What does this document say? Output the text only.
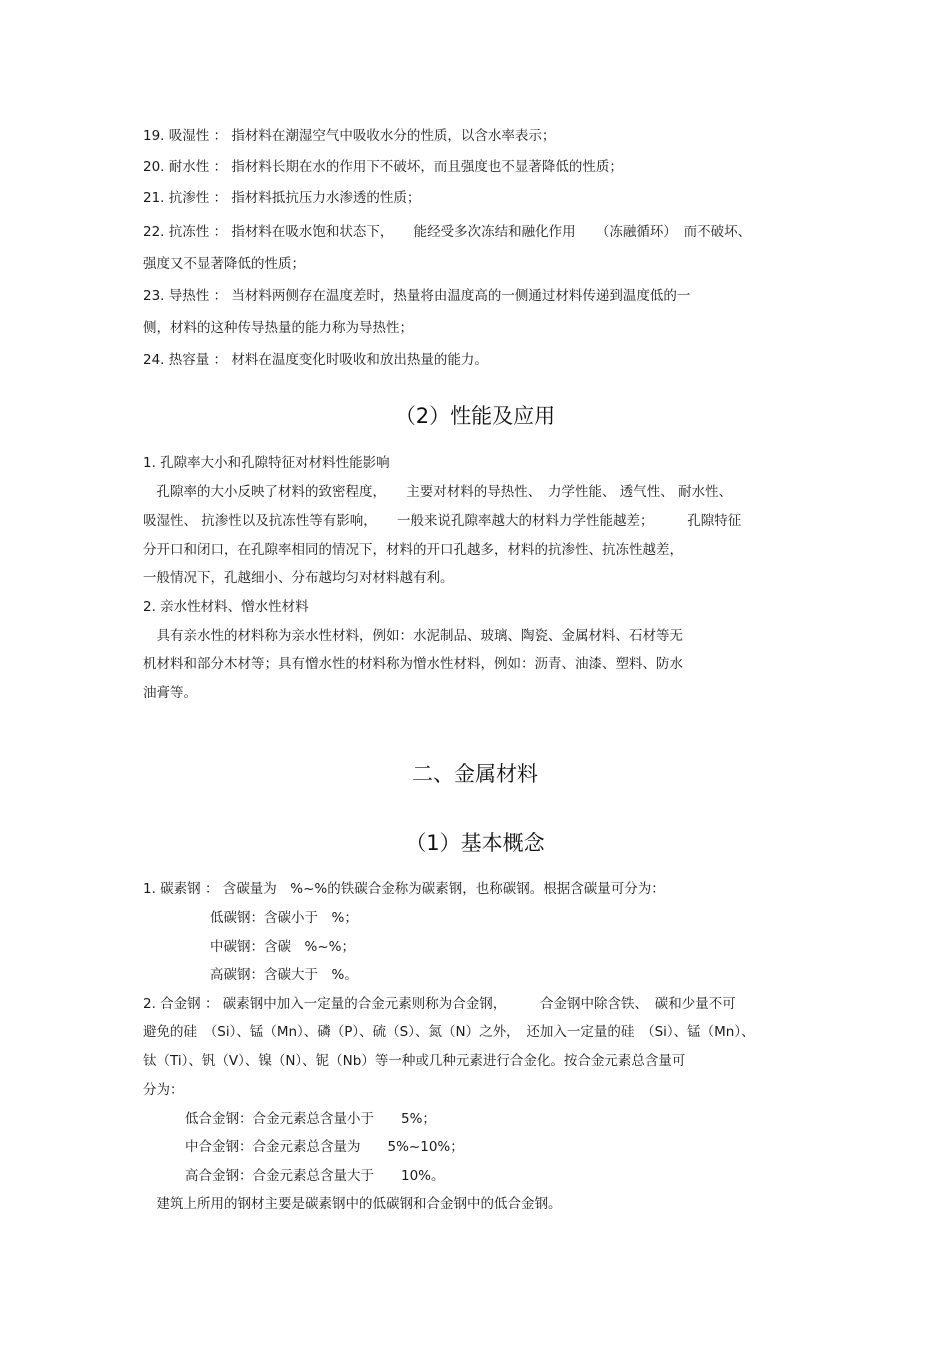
19. 吸湿性 ： 指材料在潮湿空气中吸收水分的性质，以含水率表示；
20. 耐水性 ： 指材料长期在水的作用下不破坏，而且强度也不显著降低的性质；
21. 抗渗性 ： 指材料抵抗压力水渗透的性质；
22. 抗冻性 ： 指材料在吸水饱和状态下，　　能经受多次冻结和融化作用　　（冻融循环）　而不破坏、
强度又不显著降低的性质；
23. 导热性 ： 当材料两侧存在温度差时，热量将由温度高的一侧通过材料传递到温度低的一
侧，材料的这种传导热量的能力称为导热性；
24. 热容量 ： 材料在温度变化时吸收和放出热量的能力。
（2）性能及应用
1. 孔隙率大小和孔隙特征对材料性能影响
　孔隙率的大小反映了材料的致密程度，　　主要对材料的导热性、　力学性能、 透气性、 耐水性、
吸湿性、 抗渗性以及抗冻性等有影响，　　一般来说孔隙率越大的材料力学性能越差；　　　孔隙特征
分开口和闭口，在孔隙率相同的情况下，材料的开口孔越多，材料的抗渗性、抗冻性越差，
一般情况下，孔越细小、分布越均匀对材料越有利。
2. 亲水性材料、憎水性材料
　具有亲水性的材料称为亲水性材料，例如：水泥制品、玻璃、陶瓷、金属材料、石材等无
机材料和部分木材等；具有憎水性的材料称为憎水性材料，例如：沥青、油漆、塑料、防水
油膏等。
二、金属材料
（1）基本概念
1. 碳素钢 ： 含碳量为　%~%的铁碳合金称为碳素钢，也称碳钢。根据含碳量可分为：
低碳钢：含碳小于　%；
中碳钢：含碳　%~%；
高碳钢：含碳大于　%。
2. 合金钢 ： 碳素钢中加入一定量的合金元素则称为合金钢，　　　合金钢中除含铁、　碳和少量不可
避免的硅　（Si）、锰（Mn）、磷（P）、硫（S）、氮（N）之外，　还加入一定量的硅　（Si）、锰（Mn）、
钛（Ti）、钒（V）、镍（N）、铌（Nb）等一种或几种元素进行合金化。按合金元素总含量可
分为：
低合金钢：合金元素总含量小于　　5%；
中合金钢：合金元素总含量为　　5%~10%；
高合金钢：合金元素总含量大于　　10%。
　建筑上所用的钢材主要是碳素钢中的低碳钢和合金钢中的低合金钢。
